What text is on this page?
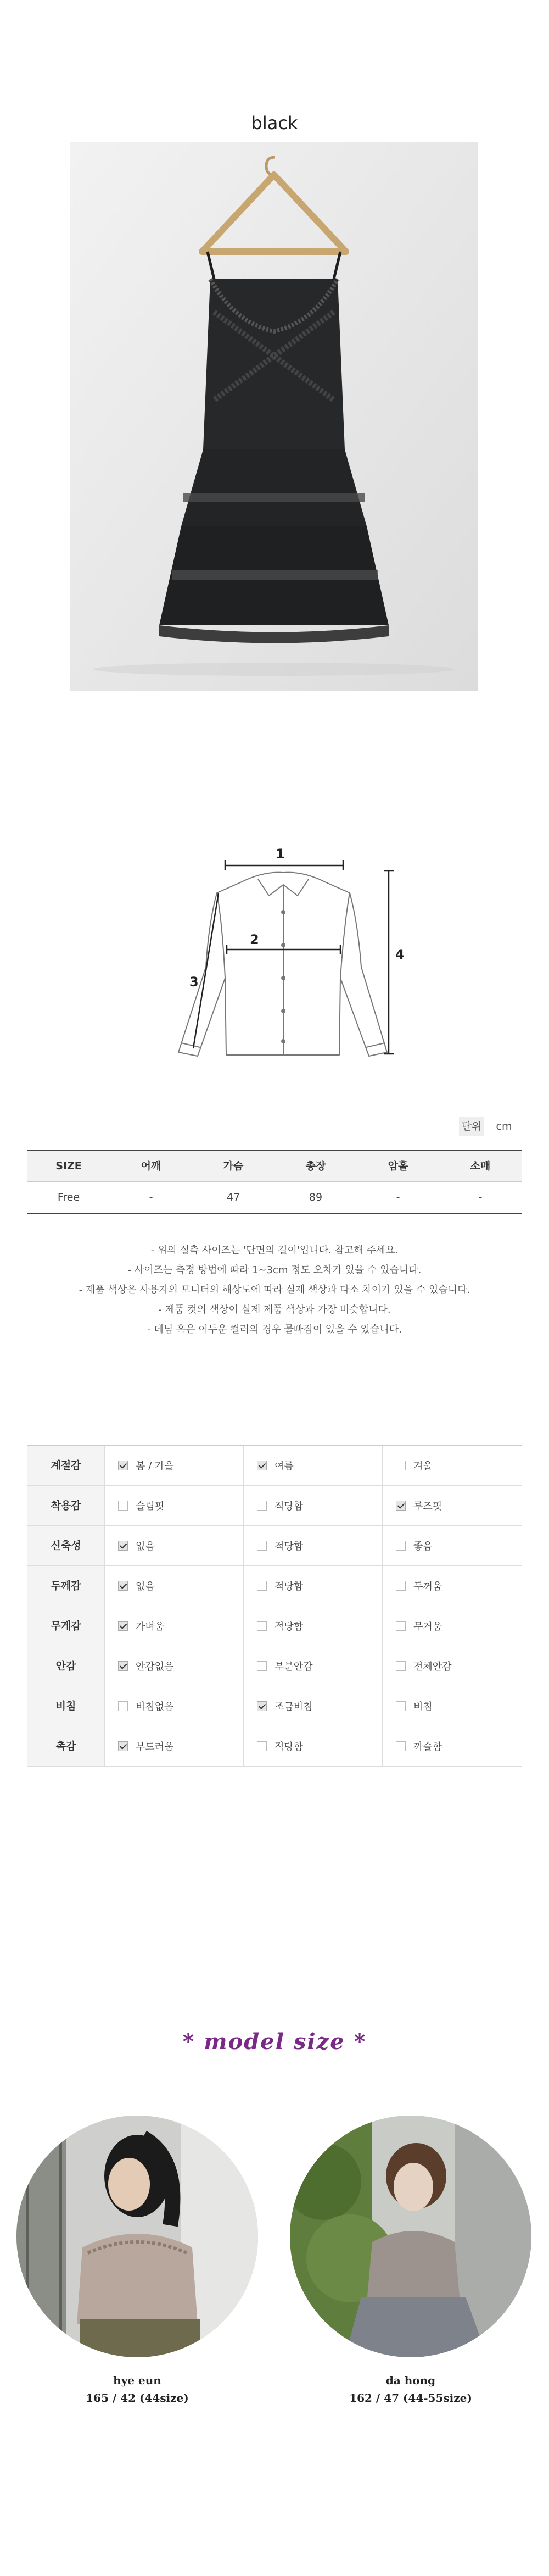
black
1
2
3
4
단위	cm
SIZE	어깨	가슴	총장	암홀	소매
Free	-	47	89	-	-
- 위의 실측 사이즈는 '단면의 길이'입니다. 참고해 주세요.
- 사이즈는 측정 방법에 따라 1~3cm 정도 오차가 있을 수 있습니다.
- 제품 색상은 사용자의 모니터의 해상도에 따라 실제 색상과 다소 차이가 있을 수 있습니다.
- 제품 컷의 색상이 실제 제품 색상과 가장 비슷합니다.
- 데님 혹은 어두운 컬러의 경우 물빠짐이 있을 수 있습니다.
계절감	봄 / 가을	여름	겨울
착용감	슬림핏	적당함	루즈핏
신축성	없음	적당함	좋음
두께감	없음	적당함	두꺼움
무게감	가벼움	적당함	무거움
안감	안감없음	부분안감	전체안감
비침	비침없음	조금비침	비침
촉감	부드러움	적당함	까슬함
* model size *
hye eun
165 / 42 (44size)
da hong
162 / 47 (44-55size)
